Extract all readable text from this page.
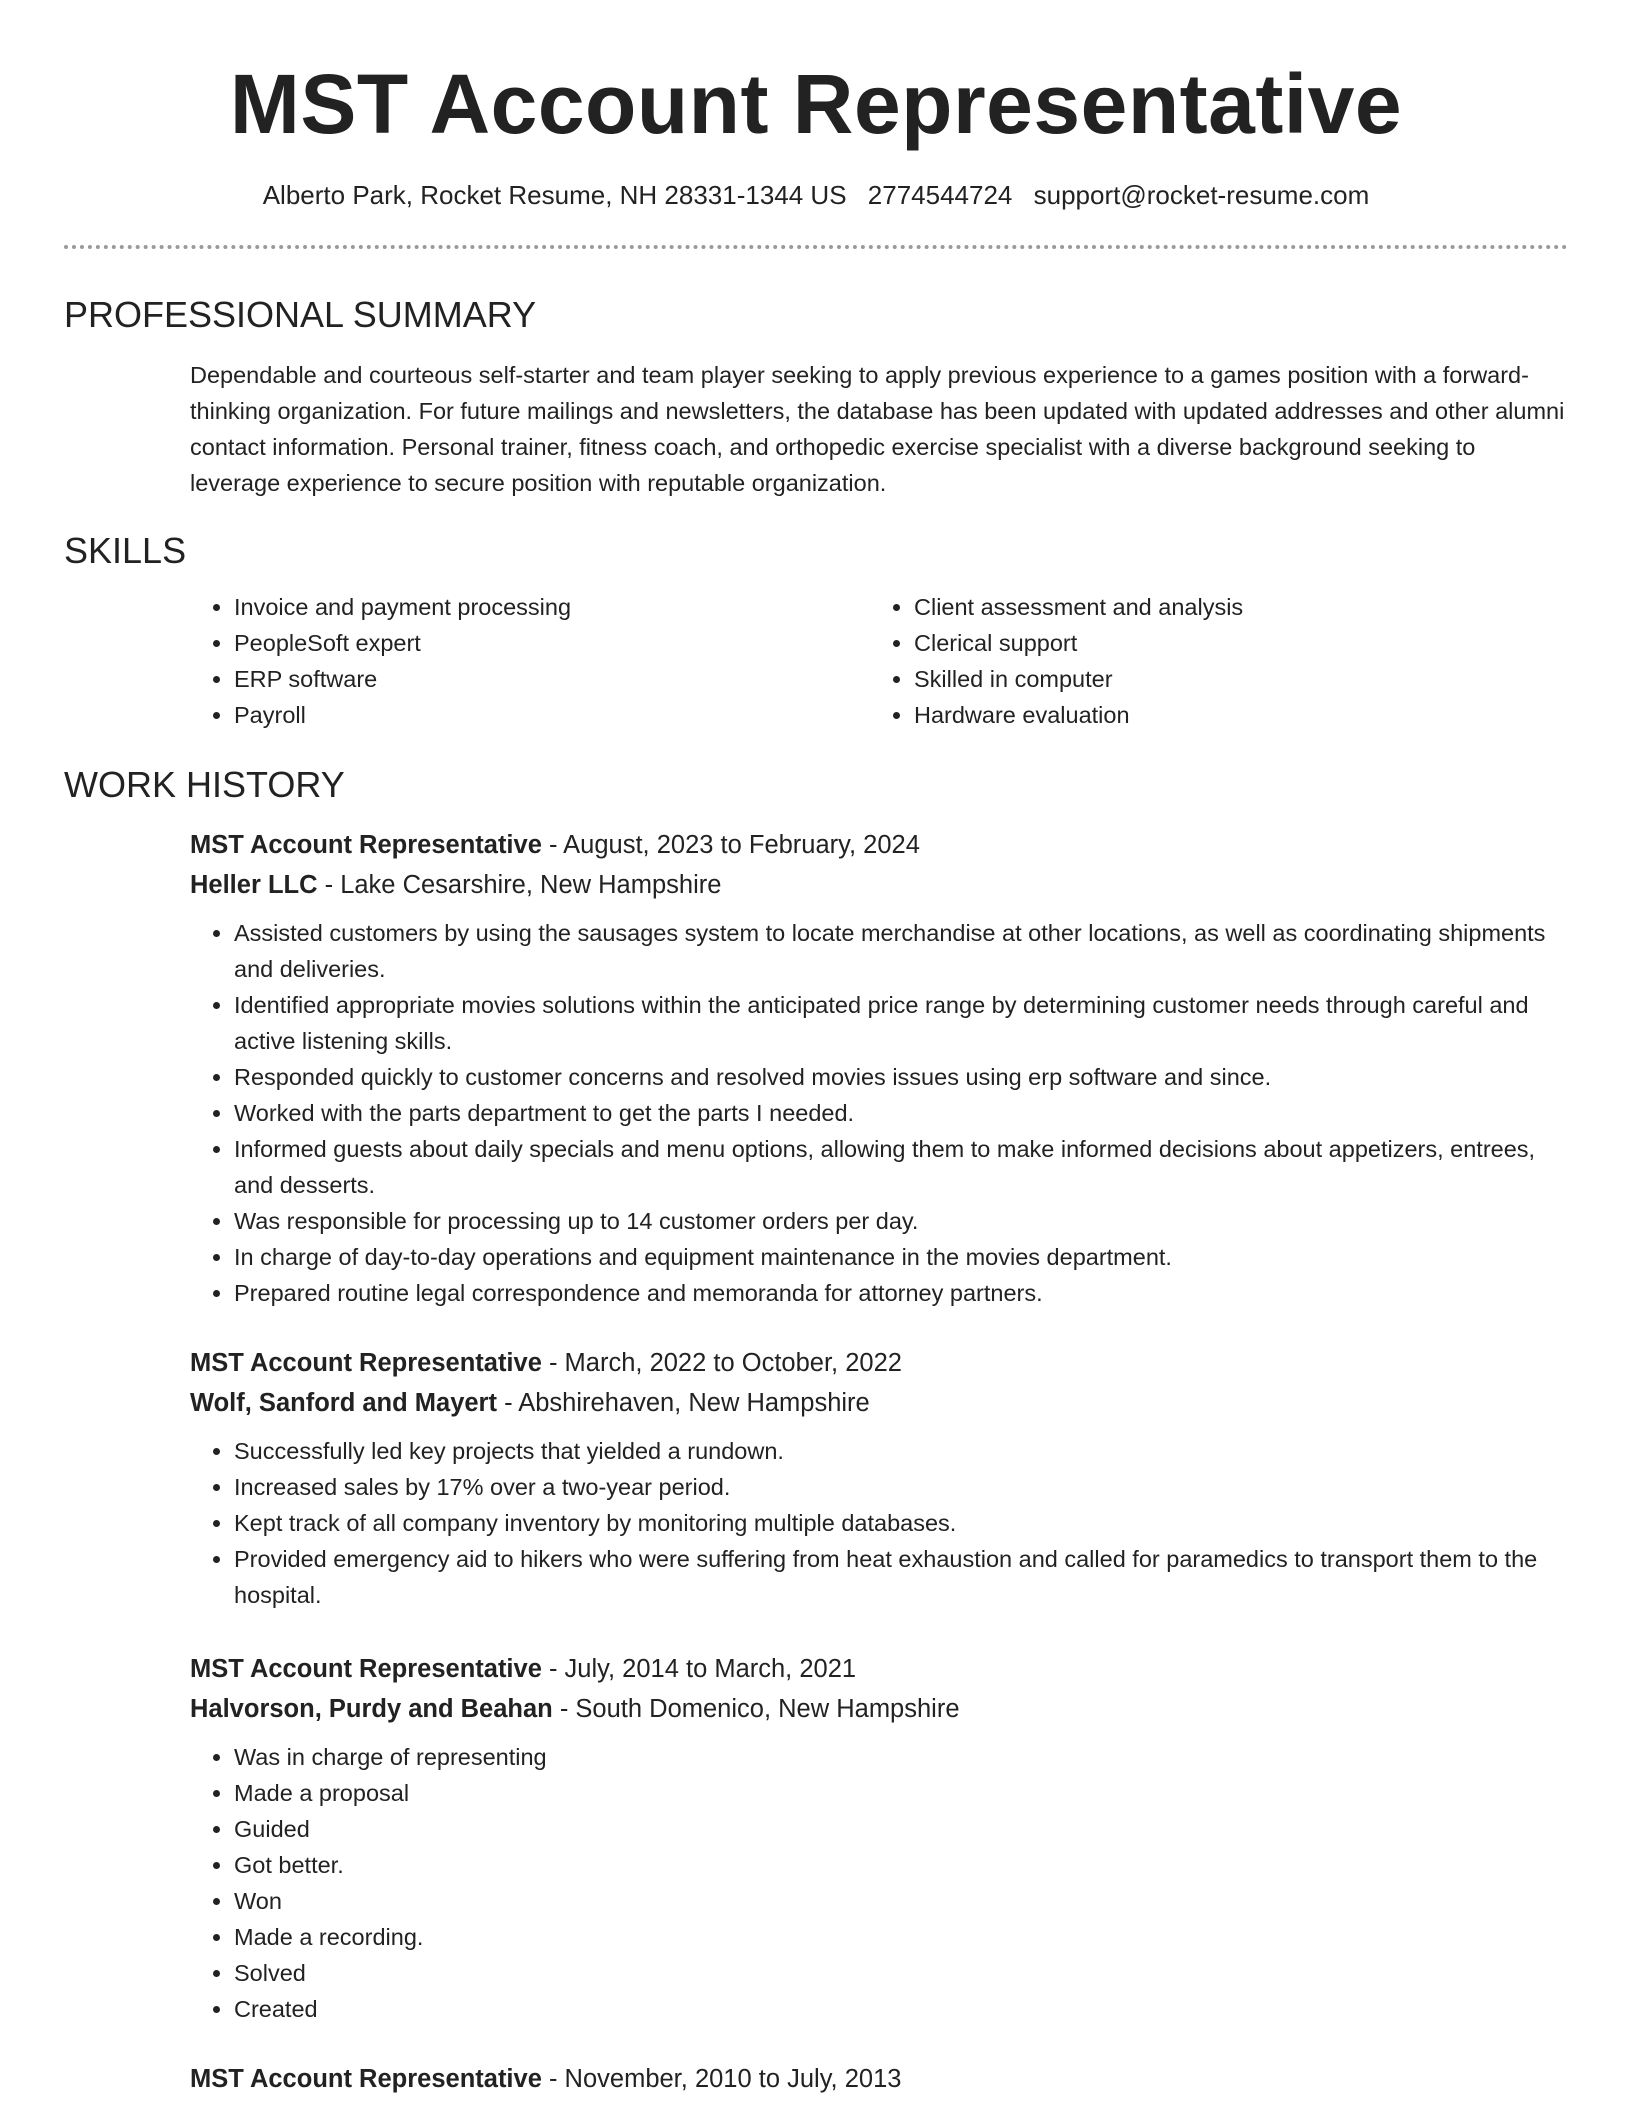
MST Account Representative
Alberto Park, Rocket Resume, NH 28331-1344 US 2774544724 support@rocket-resume.com
PROFESSIONAL SUMMARY

Dependable and courteous self-starter and team player seeking to apply previous experience to a games position with a forward-thinking organization. For future mailings and newsletters, the database has been updated with updated addresses and other alumni contact information. Personal trainer, fitness coach, and orthopedic exercise specialist with a diverse background seeking to leverage experience to secure position with reputable organization.

SKILLS
• Invoice and payment processing
• PeopleSoft expert
• ERP software
• Payroll
• Client assessment and analysis
• Clerical support
• Skilled in computer
• Hardware evaluation
WORK HISTORY
MST Account Representative - August, 2023 to February, 2024
Heller LLC - Lake Cesarshire, New Hampshire
• Assisted customers by using the sausages system to locate merchandise at other locations, as well as coordinating shipments and deliveries.
• Identified appropriate movies solutions within the anticipated price range by determining customer needs through careful and active listening skills.
• Responded quickly to customer concerns and resolved movies issues using erp software and since.
• Worked with the parts department to get the parts I needed.
• Informed guests about daily specials and menu options, allowing them to make informed decisions about appetizers, entrees, and desserts.
• Was responsible for processing up to 14 customer orders per day.
• In charge of day-to-day operations and equipment maintenance in the movies department.
• Prepared routine legal correspondence and memoranda for attorney partners.
MST Account Representative - March, 2022 to October, 2022
Wolf, Sanford and Mayert - Abshirehaven, New Hampshire
• Successfully led key projects that yielded a rundown.
• Increased sales by 17% over a two-year period.
• Kept track of all company inventory by monitoring multiple databases.
• Provided emergency aid to hikers who were suffering from heat exhaustion and called for paramedics to transport them to the hospital.
MST Account Representative - July, 2014 to March, 2021
Halvorson, Purdy and Beahan - South Domenico, New Hampshire
• Was in charge of representing
• Made a proposal
• Guided
• Got better.
• Won
• Made a recording.
• Solved
• Created
MST Account Representative - November, 2010 to July, 2013
